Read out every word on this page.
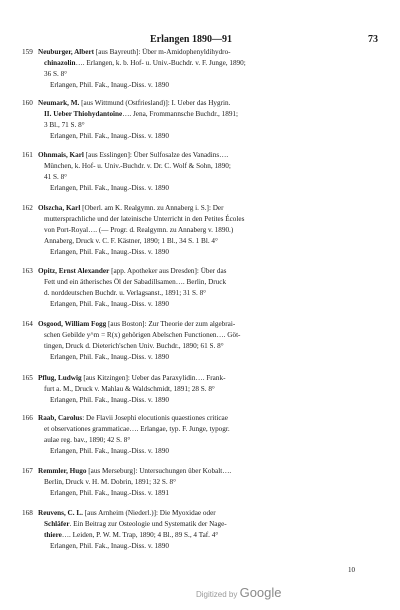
Erlangen 1890—91	73
159 Neuburger, Albert [aus Bayreuth]: Über m-Amidophenyldihydro-
chinazolin…. Erlangen, k. b. Hof- u. Univ.-Buchdr. v. F. Junge, 1890;
36 S. 8°
Erlangen, Phil. Fak., Inaug.-Diss. v. 1890
160 Neumark, M. [aus Wittmund (Ostfriesland)]: I. Ueber das Hygrin.
II. Ueber Thiohydantoïne…. Jena, Frommannsche Buchdr., 1891;
3 Bl., 71 S. 8°
Erlangen, Phil. Fak., Inaug.-Diss. v. 1890
161 Ohnmais, Karl [aus Esslingen]: Über Sulfosalze des Vanadins….
München, k. Hof- u. Univ.-Buchdr. v. Dr. C. Wolf & Sohn, 1890;
41 S. 8°
Erlangen, Phil. Fak., Inaug.-Diss. v. 1890
162 Olszcha, Karl [Oberl. am K. Realgymn. zu Annaberg i. S.]: Der
muttersprachliche und der lateinische Unterricht in den Petites Écoles
von Port-Royal…. (— Progr. d. Realgymn. zu Annaberg v. 1890.)
Annaberg, Druck v. C. F. Kästner, 1890; 1 Bl., 34 S. 1 Bl. 4°
Erlangen, Phil. Fak., Inaug.-Diss. v. 1890
163 Opitz, Ernst Alexander [app. Apotheker aus Dresden]: Über das
Fett und ein ätherisches Öl der Sabadillsamen…. Berlin, Druck
d. norddeutschen Buchdr. u. Verlagsanst., 1891; 31 S. 8°
Erlangen, Phil. Fak., Inaug.-Diss. v. 1890
164 Osgood, William Fogg [aus Boston]: Zur Theorie der zum algebrai-
schen Gebilde y^m = R(x) gehörigen Abelschen Functionen…. Göt-
tingen, Druck d. Dieterich'schen Univ. Buchdr., 1890; 61 S. 8°
Erlangen, Phil. Fak., Inaug.-Diss. v. 1890
165 Pflug, Ludwig [aus Kitzingen]: Ueber das Paraxylidin…. Frank-
furt a. M., Druck v. Mahlau & Waldschmidt, 1891; 28 S. 8°
Erlangen, Phil. Fak., Inaug.-Diss. v. 1890
166 Raab, Carolus: De Flavii Josephi elocutionis quaestiones criticae
et observationes grammaticae…. Erlangae, typ. F. Junge, typogr.
aulae reg. bav., 1890; 42 S. 8°
Erlangen, Phil. Fak., Inaug.-Diss. v. 1890
167 Remmler, Hugo [aus Merseburg]: Untersuchungen über Kobalt….
Berlin, Druck v. H. M. Dobrin, 1891; 32 S. 8°
Erlangen, Phil. Fak., Inaug.-Diss. v. 1891
168 Reuvens, C. L. [aus Arnheim (Niederl.)]: Die Myoxidae oder
Schläfer. Ein Beitrag zur Osteologie und Systematik der Nage-
thiere…. Leiden, P. W. M. Trap, 1890; 4 Bl., 89 S., 4 Taf. 4°
Erlangen, Phil. Fak., Inaug.-Diss. v. 1890
10
Digitized by Google
